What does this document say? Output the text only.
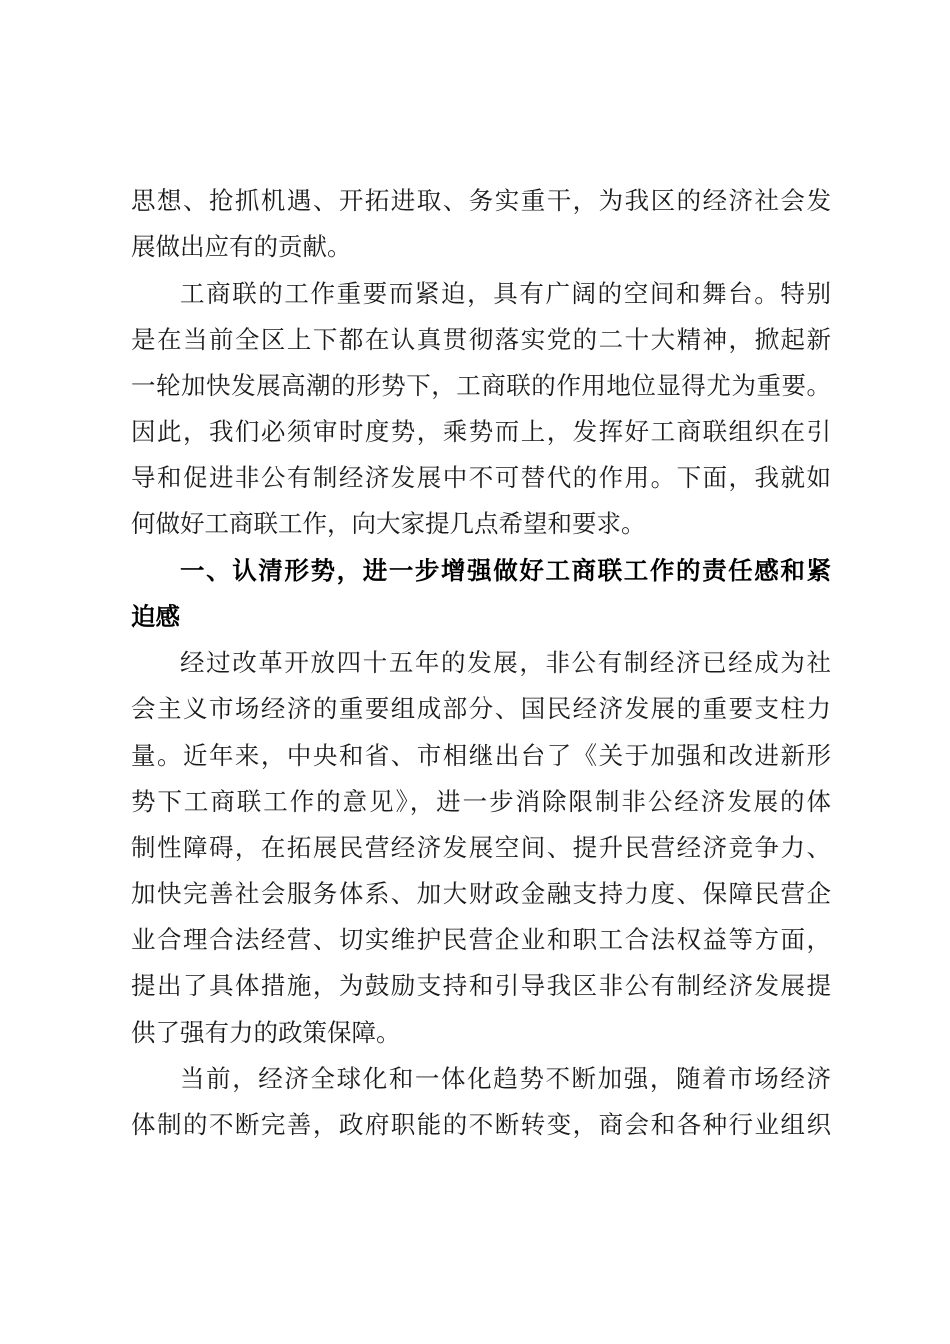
思想、抢抓机遇、开拓进取、务实重干，为我区的经济社会发
展做出应有的贡献。
工商联的工作重要而紧迫，具有广阔的空间和舞台。特别
是在当前全区上下都在认真贯彻落实党的二十大精神，掀起新
一轮加快发展高潮的形势下，工商联的作用地位显得尤为重要。
因此，我们必须审时度势，乘势而上，发挥好工商联组织在引
导和促进非公有制经济发展中不可替代的作用。下面，我就如
何做好工商联工作，向大家提几点希望和要求。
一、认清形势，进一步增强做好工商联工作的责任感和紧
迫感
经过改革开放四十五年的发展，非公有制经济已经成为社
会主义市场经济的重要组成部分、国民经济发展的重要支柱力
量。近年来，中央和省、市相继出台了《关于加强和改进新形
势下工商联工作的意见》，进一步消除限制非公经济发展的体
制性障碍，在拓展民营经济发展空间、提升民营经济竞争力、
加快完善社会服务体系、加大财政金融支持力度、保障民营企
业合理合法经营、切实维护民营企业和职工合法权益等方面，
提出了具体措施，为鼓励支持和引导我区非公有制经济发展提
供了强有力的政策保障。
当前，经济全球化和一体化趋势不断加强，随着市场经济
体制的不断完善，政府职能的不断转变，商会和各种行业组织
